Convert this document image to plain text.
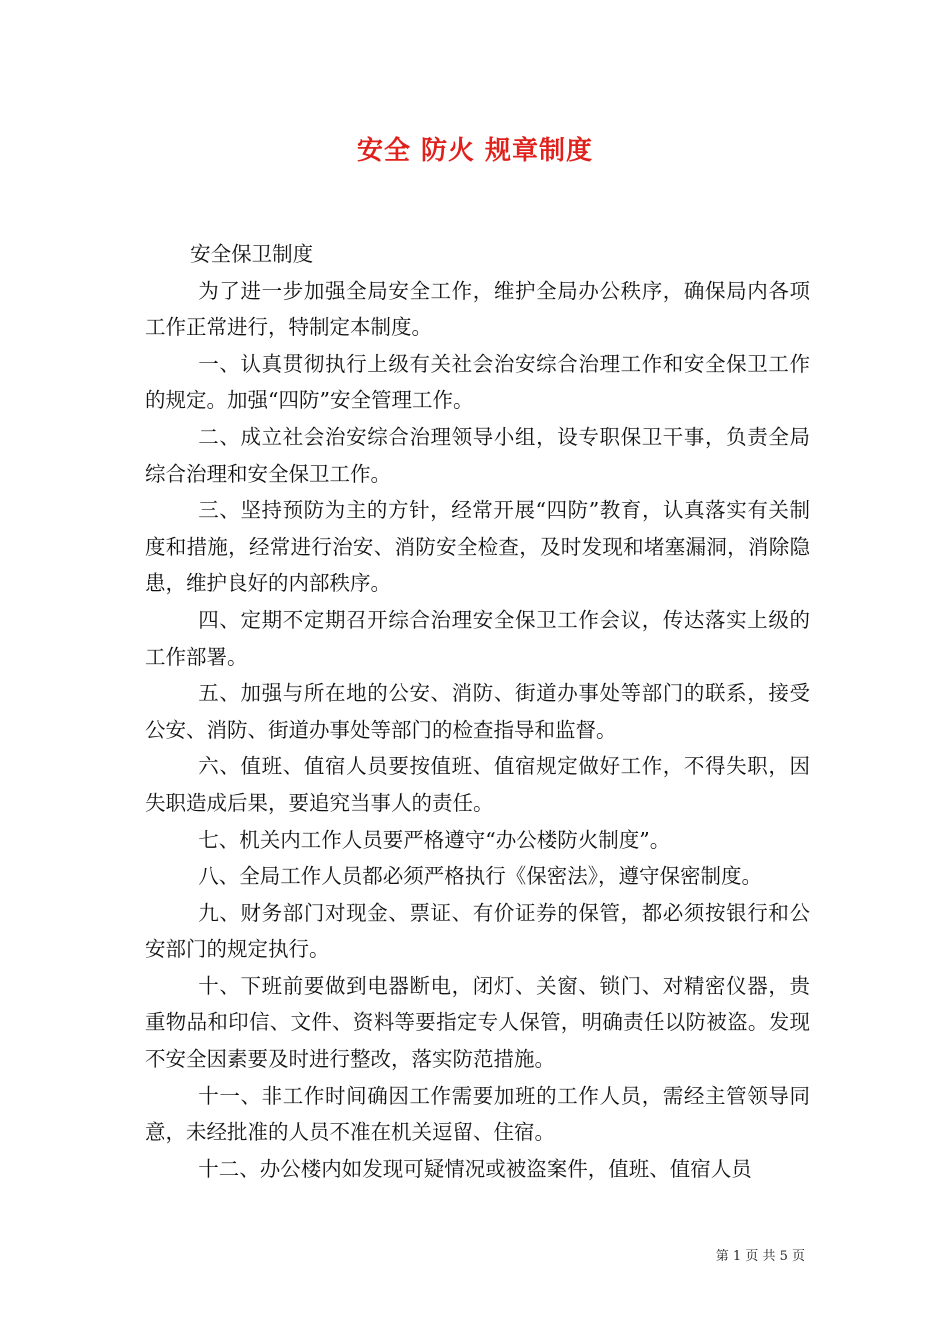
安全 防火 规章制度

安全保卫制度

为了进一步加强全局安全工作，维护全局办公秩序，确保局内各项工作正常进行，特制定本制度。

一、认真贯彻执行上级有关社会治安综合治理工作和安全保卫工作的规定。加强“四防”安全管理工作。

二、成立社会治安综合治理领导小组，设专职保卫干事，负责全局综合治理和安全保卫工作。

三、坚持预防为主的方针，经常开展“四防”教育，认真落实有关制度和措施，经常进行治安、消防安全检查，及时发现和堵塞漏洞，消除隐患，维护良好的内部秩序。

四、定期不定期召开综合治理安全保卫工作会议，传达落实上级的工作部署。

五、加强与所在地的公安、消防、街道办事处等部门的联系，接受公安、消防、街道办事处等部门的检查指导和监督。

六、值班、值宿人员要按值班、值宿规定做好工作，不得失职，因失职造成后果，要追究当事人的责任。

七、机关内工作人员要严格遵守“办公楼防火制度”。

八、全局工作人员都必须严格执行《保密法》，遵守保密制度。

九、财务部门对现金、票证、有价证券的保管，都必须按银行和公安部门的规定执行。

十、下班前要做到电器断电，闭灯、关窗、锁门、对精密仪器，贵重物品和印信、文件、资料等要指定专人保管，明确责任以防被盗。发现不安全因素要及时进行整改，落实防范措施。

十一、非工作时间确因工作需要加班的工作人员，需经主管领导同意，未经批准的人员不准在机关逗留、住宿。

十二、办公楼内如发现可疑情况或被盗案件，值班、值宿人员

第 1 页 共 5 页
